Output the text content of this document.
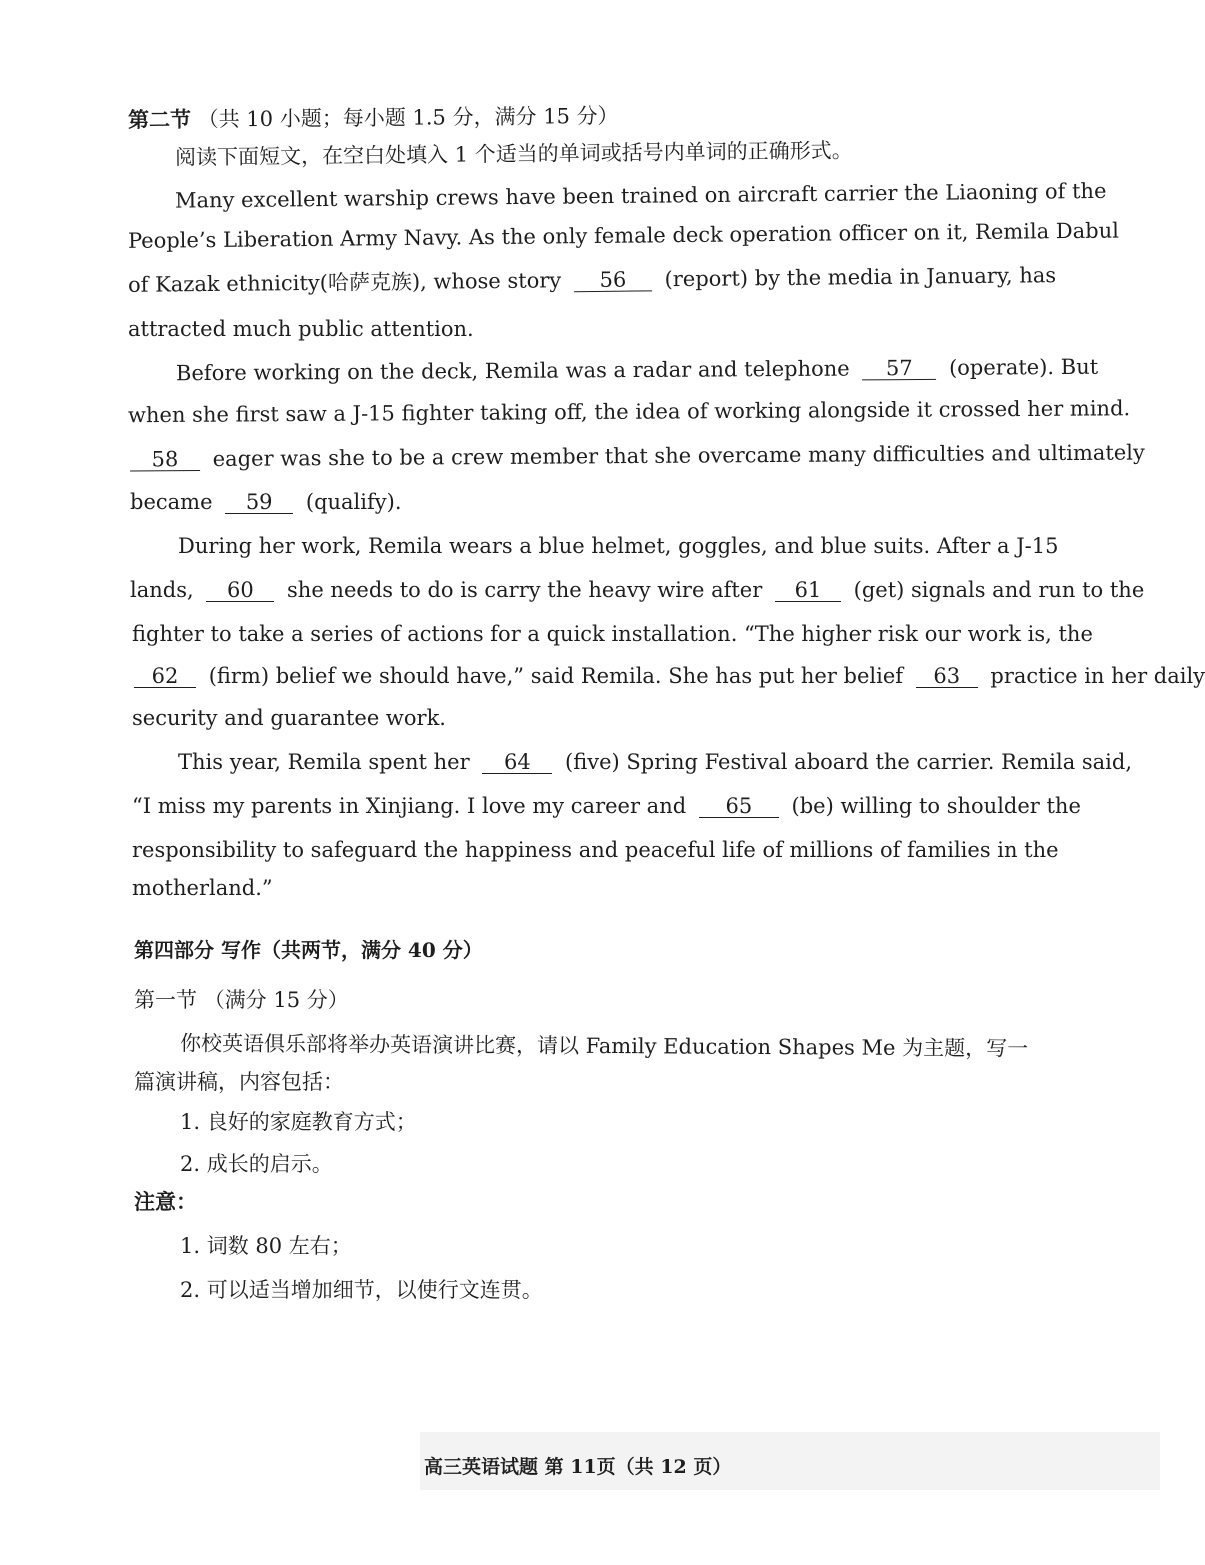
第二节 （共 10 小题；每小题 1.5 分，满分 15 分）
阅读下面短文，在空白处填入 1 个适当的单词或括号内单词的正确形式。
Many excellent warship crews have been trained on aircraft carrier the Liaoning of the
People’s Liberation Army Navy. As the only female deck operation officer on it, Remila Dabul
of Kazak ethnicity(哈萨克族), whose story 56 (report) by the media in January, has
attracted much public attention.
Before working on the deck, Remila was a radar and telephone 57 (operate). But
when she first saw a J-15 fighter taking off, the idea of working alongside it crossed her mind.
58 eager was she to be a crew member that she overcame many difficulties and ultimately
became 59 (qualify).
During her work, Remila wears a blue helmet, goggles, and blue suits. After a J-15
lands, 60 she needs to do is carry the heavy wire after 61 (get) signals and run to the
fighter to take a series of actions for a quick installation. “The higher risk our work is, the
62 (firm) belief we should have,” said Remila. She has put her belief 63 practice in her daily
security and guarantee work.
This year, Remila spent her 64 (five) Spring Festival aboard the carrier. Remila said,
“I miss my parents in Xinjiang. I love my career and 65 (be) willing to shoulder the
responsibility to safeguard the happiness and peaceful life of millions of families in the
motherland.”
第四部分 写作（共两节，满分 40 分）
第一节 （满分 15 分）
你校英语俱乐部将举办英语演讲比赛，请以 Family Education Shapes Me 为主题，写一
篇演讲稿，内容包括：
1. 良好的家庭教育方式；
2. 成长的启示。
注意：
1. 词数 80 左右；
2. 可以适当增加细节，以使行文连贯。
高三英语试题 第 11页（共 12 页）
